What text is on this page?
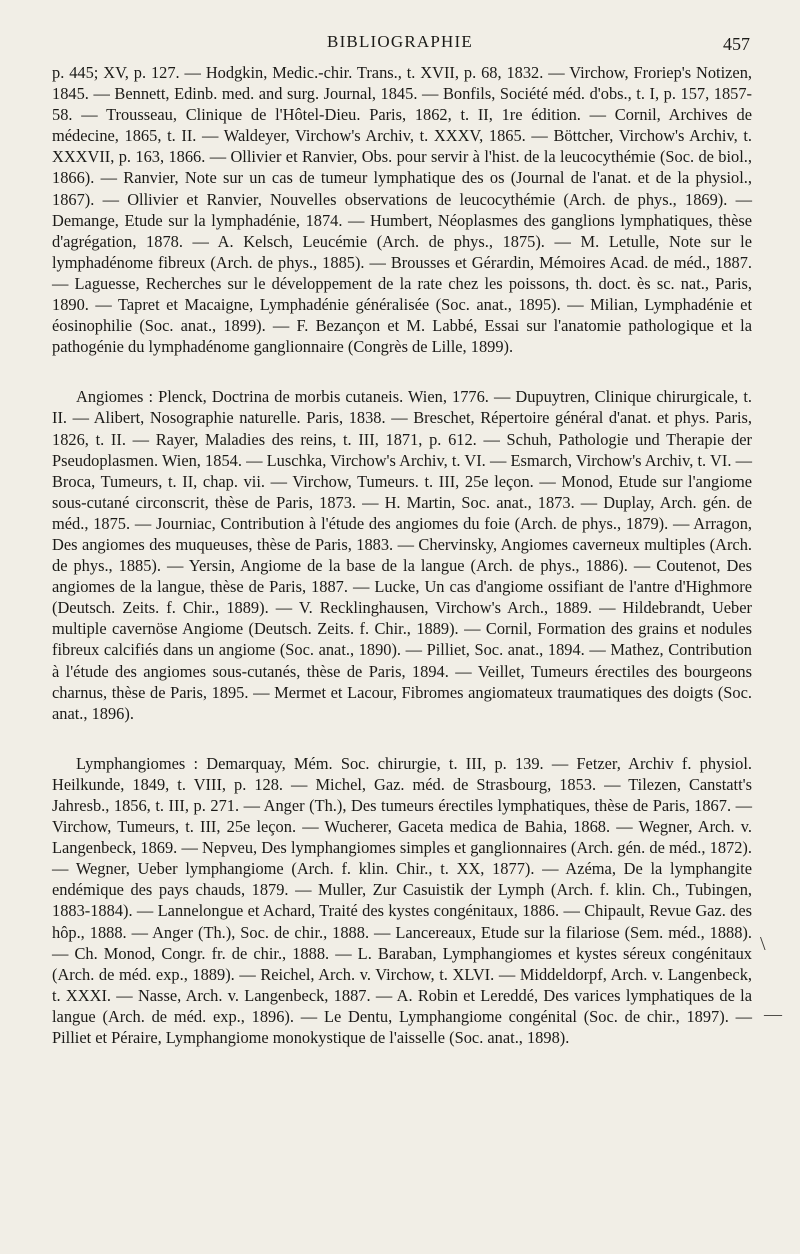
BIBLIOGRAPHIE	457

p. 445; XV, p. 127. — Hodgkin, Medic.-chir. Trans., t. XVII, p. 68, 1832. — Virchow, Froriep's Notizen, 1845. — Bennett, Edinb. med. and surg. Journal, 1845. — Bonfils, Société méd. d'obs., t. I, p. 157, 1857-58. — Trousseau, Clinique de l'Hôtel-Dieu. Paris, 1862, t. II, 1re édition. — Cornil, Archives de médecine, 1865, t. II. — Waldeyer, Virchow's Archiv, t. XXXV, 1865. — Böttcher, Virchow's Archiv, t. XXXVII, p. 163, 1866. — Ollivier et Ranvier, Obs. pour servir à l'hist. de la leucocythémie (Soc. de biol., 1866). — Ranvier, Note sur un cas de tumeur lymphatique des os (Journal de l'anat. et de la physiol., 1867). — Ollivier et Ranvier, Nouvelles observations de leucocythémie (Arch. de phys., 1869). — Demange, Etude sur la lymphadénie, 1874. — Humbert, Néoplasmes des ganglions lymphatiques, thèse d'agrégation, 1878. — A. Kelsch, Leucémie (Arch. de phys., 1875). — M. Letulle, Note sur le lymphadénome fibreux (Arch. de phys., 1885). — Brousses et Gérardin, Mémoires Acad. de méd., 1887. — Laguesse, Recherches sur le développement de la rate chez les poissons, th. doct. ès sc. nat., Paris, 1890. — Tapret et Macaigne, Lymphadénie généralisée (Soc. anat., 1895). — Milian, Lymphadénie et éosinophilie (Soc. anat., 1899). — F. Bezançon et M. Labbé, Essai sur l'anatomie pathologique et la pathogénie du lymphadénome ganglionnaire (Congrès de Lille, 1899).

Angiomes : Plenck, Doctrina de morbis cutaneis. Wien, 1776. — Dupuytren, Clinique chirurgicale, t. II. — Alibert, Nosographie naturelle. Paris, 1838. — Breschet, Répertoire général d'anat. et phys. Paris, 1826, t. II. — Rayer, Maladies des reins, t. III, 1871, p. 612. — Schuh, Pathologie und Therapie der Pseudoplasmen. Wien, 1854. — Luschka, Virchow's Archiv, t. VI. — Esmarch, Virchow's Archiv, t. VI. — Broca, Tumeurs, t. II, chap. vii. — Virchow, Tumeurs. t. III, 25e leçon. — Monod, Etude sur l'angiome sous-cutané circonscrit, thèse de Paris, 1873. — H. Martin, Soc. anat., 1873. — Duplay, Arch. gén. de méd., 1875. — Journiac, Contribution à l'étude des angiomes du foie (Arch. de phys., 1879). — Arragon, Des angiomes des muqueuses, thèse de Paris, 1883. — Chervinsky, Angiomes caverneux multiples (Arch. de phys., 1885). — Yersin, Angiome de la base de la langue (Arch. de phys., 1886). — Coutenot, Des angiomes de la langue, thèse de Paris, 1887. — Lucke, Un cas d'angiome ossifiant de l'antre d'Highmore (Deutsch. Zeits. f. Chir., 1889). — V. Recklinghausen, Virchow's Arch., 1889. — Hildebrandt, Ueber multiple cavernöse Angiome (Deutsch. Zeits. f. Chir., 1889). — Cornil, Formation des grains et nodules fibreux calcifiés dans un angiome (Soc. anat., 1890). — Pilliet, Soc. anat., 1894. — Mathez, Contribution à l'étude des angiomes sous-cutanés, thèse de Paris, 1894. — Veillet, Tumeurs érectiles des bourgeons charnus, thèse de Paris, 1895. — Mermet et Lacour, Fibromes angiomateux traumatiques des doigts (Soc. anat., 1896).

Lymphangiomes : Demarquay, Mém. Soc. chirurgie, t. III, p. 139. — Fetzer, Archiv f. physiol. Heilkunde, 1849, t. VIII, p. 128. — Michel, Gaz. méd. de Strasbourg, 1853. — Tilezen, Canstatt's Jahresb., 1856, t. III, p. 271. — Anger (Th.), Des tumeurs érectiles lymphatiques, thèse de Paris, 1867. — Virchow, Tumeurs, t. III, 25e leçon. — Wucherer, Gaceta medica de Bahia, 1868. — Wegner, Arch. v. Langenbeck, 1869. — Nepveu, Des lymphangiomes simples et ganglionnaires (Arch. gén. de méd., 1872). — Wegner, Ueber lymphangiome (Arch. f. klin. Chir., t. XX, 1877). — Azéma, De la lymphangite endémique des pays chauds, 1879. — Muller, Zur Casuistik der Lymph (Arch. f. klin. Ch., Tubingen, 1883-1884). — Lannelongue et Achard, Traité des kystes congénitaux, 1886. — Chipault, Revue Gaz. des hôp., 1888. — Anger (Th.), Soc. de chir., 1888. — Lancereaux, Etude sur la filariose (Sem. méd., 1888). — Ch. Monod, Congr. fr. de chir., 1888. — L. Baraban, Lymphangiomes et kystes séreux congénitaux (Arch. de méd. exp., 1889). — Reichel, Arch. v. Virchow, t. XLVI. — Middeldorpf, Arch. v. Langenbeck, t. XXXI. — Nasse, Arch. v. Langenbeck, 1887. — A. Robin et Lereddé, Des varices lymphatiques de la langue (Arch. de méd. exp., 1896). — Le Dentu, Lymphangiome congénital (Soc. de chir., 1897). — Pilliet et Péraire, Lymphangiome monokystique de l'aisselle (Soc. anat., 1898).

\
—
